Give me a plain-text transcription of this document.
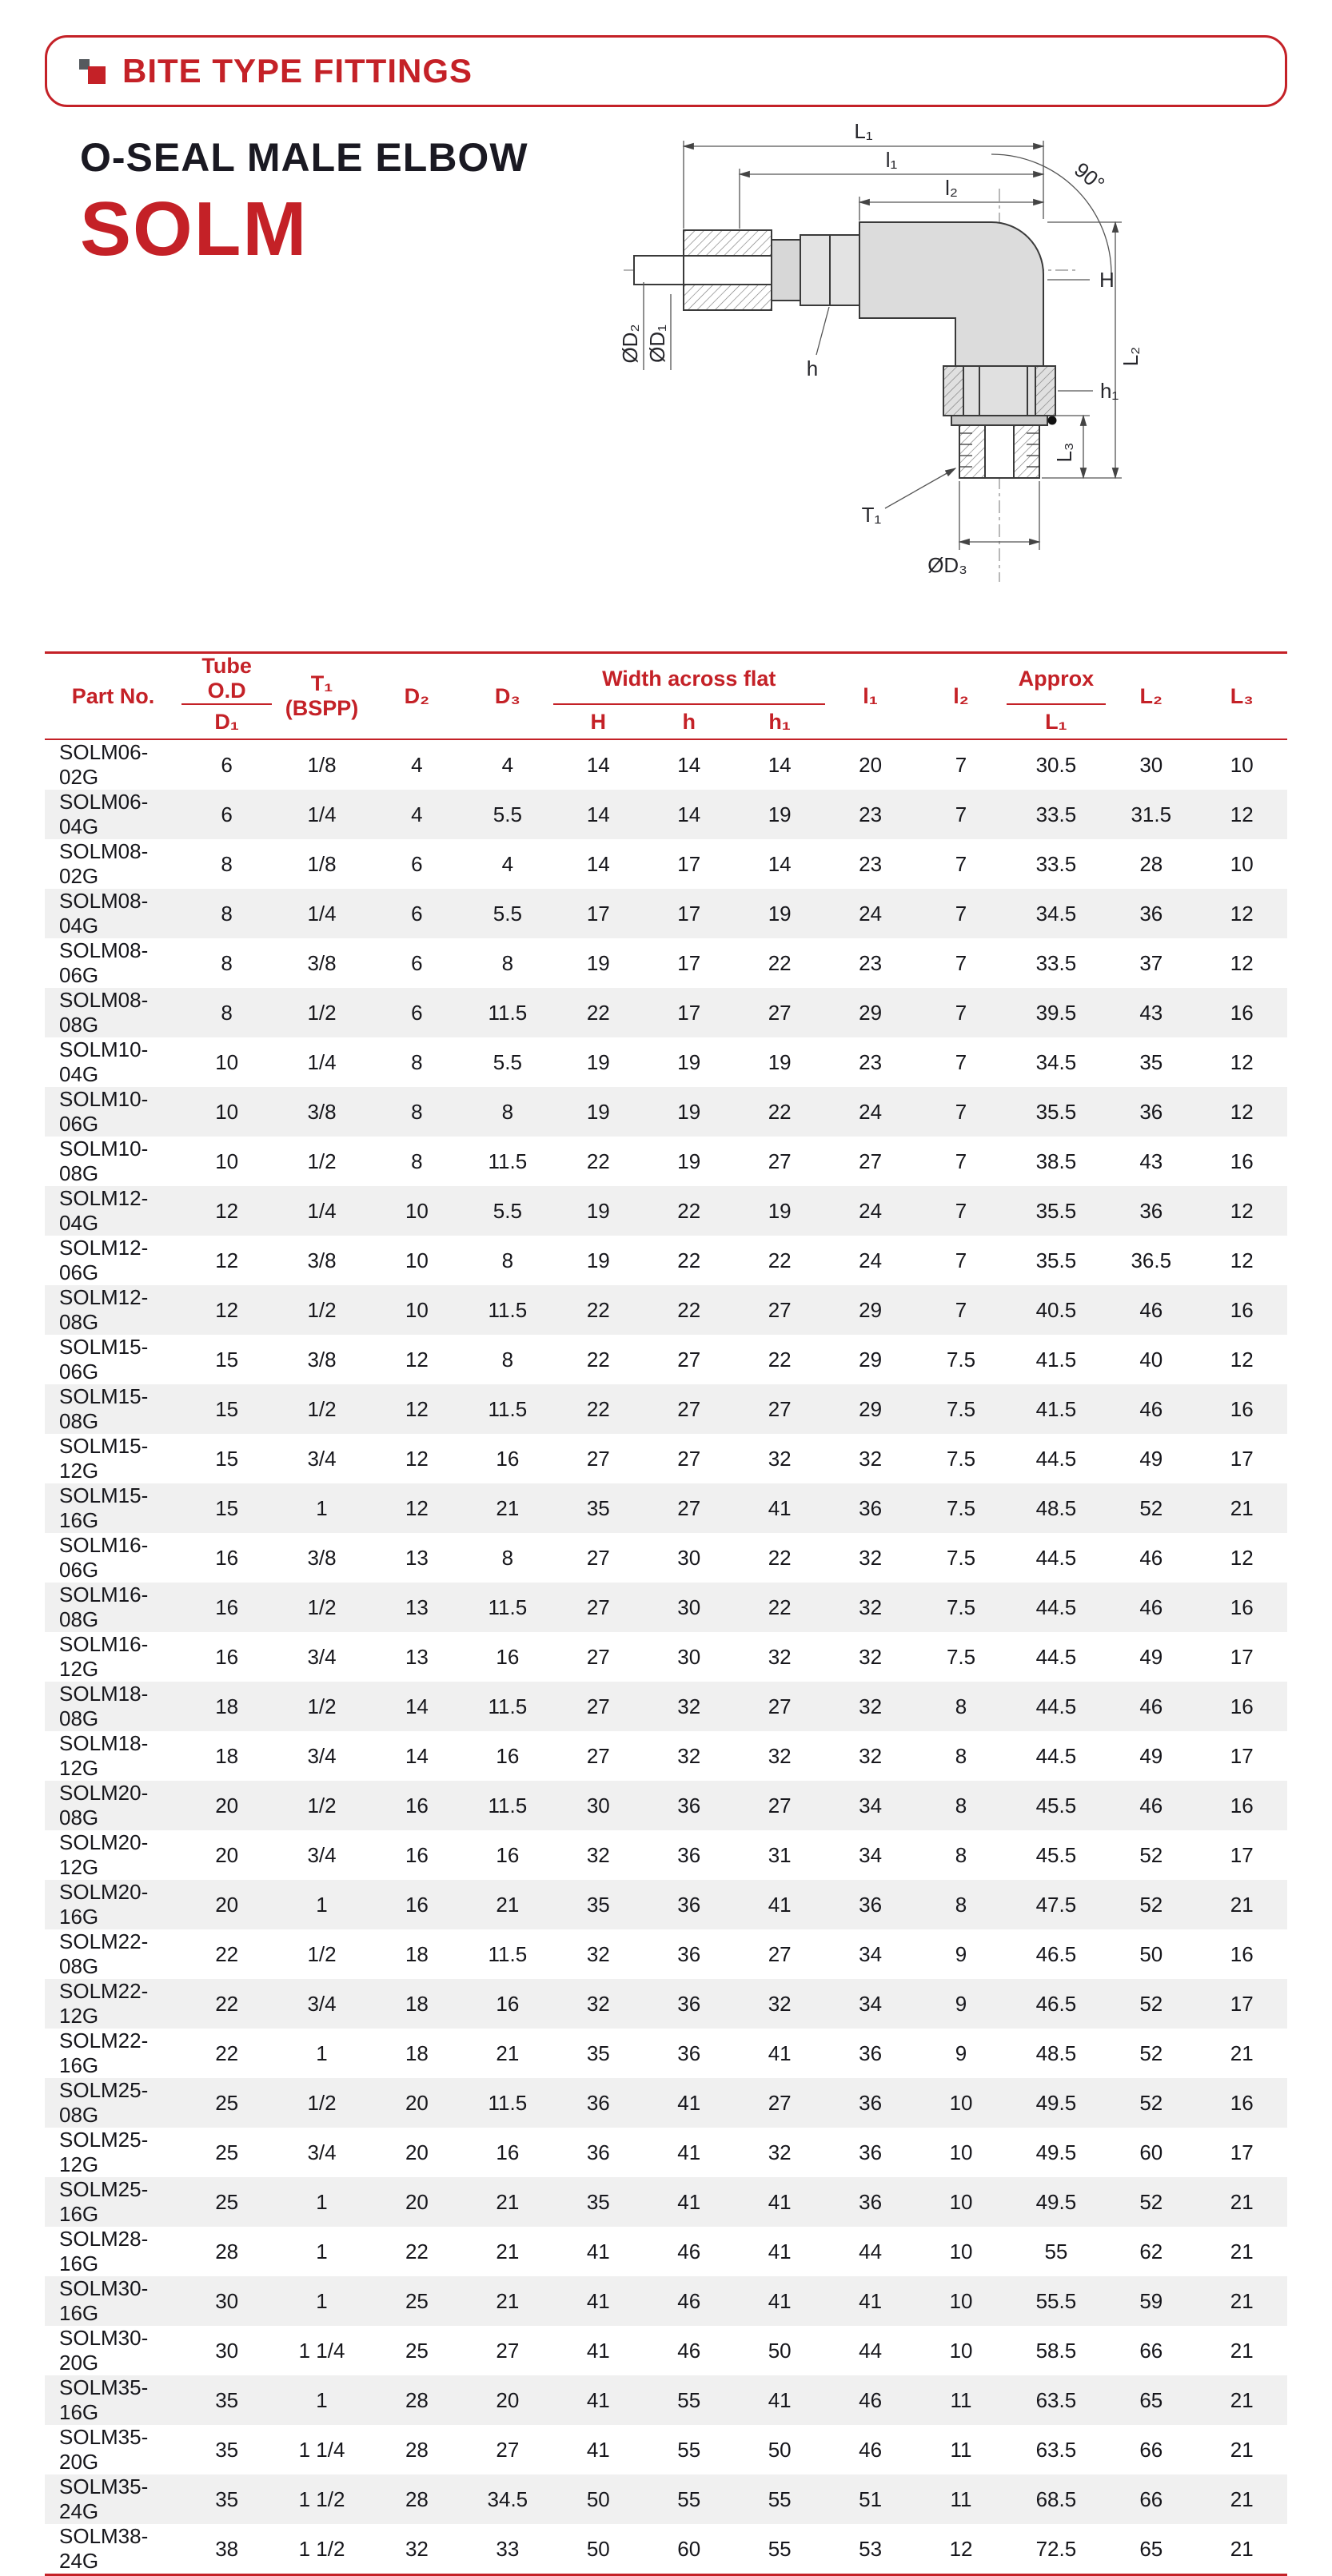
BITE TYPE FITTINGS
O-SEAL MALE ELBOW
SOLM
L₁
l₁
l₂	90°
H
h
h₁
L₂
L₃
T₁
ØD₂ ØD₁
ØD₃
Part No.	Tube O.D	T₁
(BSPP)	D₂	D₃	Width across flat			l₁	l₂	Approx	L₂	L₃
	D₁				H	h	h₁			L₁		
SOLM06-02G	6	1/8	4	4	14	14	14	20	7	30.5	30	10
SOLM06-04G	6	1/4	4	5.5	14	14	19	23	7	33.5	31.5	12
SOLM08-02G	8	1/8	6	4	14	17	14	23	7	33.5	28	10
SOLM08-04G	8	1/4	6	5.5	17	17	19	24	7	34.5	36	12
SOLM08-06G	8	3/8	6	8	19	17	22	23	7	33.5	37	12
SOLM08-08G	8	1/2	6	11.5	22	17	27	29	7	39.5	43	16
SOLM10-04G	10	1/4	8	5.5	19	19	19	23	7	34.5	35	12
SOLM10-06G	10	3/8	8	8	19	19	22	24	7	35.5	36	12
SOLM10-08G	10	1/2	8	11.5	22	19	27	27	7	38.5	43	16
SOLM12-04G	12	1/4	10	5.5	19	22	19	24	7	35.5	36	12
SOLM12-06G	12	3/8	10	8	19	22	22	24	7	35.5	36.5	12
SOLM12-08G	12	1/2	10	11.5	22	22	27	29	7	40.5	46	16
SOLM15-06G	15	3/8	12	8	22	27	22	29	7.5	41.5	40	12
SOLM15-08G	15	1/2	12	11.5	22	27	27	29	7.5	41.5	46	16
SOLM15-12G	15	3/4	12	16	27	27	32	32	7.5	44.5	49	17
SOLM15-16G	15	1	12	21	35	27	41	36	7.5	48.5	52	21
SOLM16-06G	16	3/8	13	8	27	30	22	32	7.5	44.5	46	12
SOLM16-08G	16	1/2	13	11.5	27	30	22	32	7.5	44.5	46	16
SOLM16-12G	16	3/4	13	16	27	30	32	32	7.5	44.5	49	17
SOLM18-08G	18	1/2	14	11.5	27	32	27	32	8	44.5	46	16
SOLM18-12G	18	3/4	14	16	27	32	32	32	8	44.5	49	17
SOLM20-08G	20	1/2	16	11.5	30	36	27	34	8	45.5	46	16
SOLM20-12G	20	3/4	16	16	32	36	31	34	8	45.5	52	17
SOLM20-16G	20	1	16	21	35	36	41	36	8	47.5	52	21
SOLM22-08G	22	1/2	18	11.5	32	36	27	34	9	46.5	50	16
SOLM22-12G	22	3/4	18	16	32	36	32	34	9	46.5	52	17
SOLM22-16G	22	1	18	21	35	36	41	36	9	48.5	52	21
SOLM25-08G	25	1/2	20	11.5	36	41	27	36	10	49.5	52	16
SOLM25-12G	25	3/4	20	16	36	41	32	36	10	49.5	60	17
SOLM25-16G	25	1	20	21	35	41	41	36	10	49.5	52	21
SOLM28-16G	28	1	22	21	41	46	41	44	10	55	62	21
SOLM30-16G	30	1	25	21	41	46	41	41	10	55.5	59	21
SOLM30-20G	30	1 1/4	25	27	41	46	50	44	10	58.5	66	21
SOLM35-16G	35	1	28	20	41	55	41	46	11	63.5	65	21
SOLM35-20G	35	1 1/4	28	27	41	55	50	46	11	63.5	66	21
SOLM35-24G	35	1 1/2	28	34.5	50	55	55	51	11	68.5	66	21
SOLM38-24G	38	1 1/2	32	33	50	60	55	53	12	72.5	65	21
